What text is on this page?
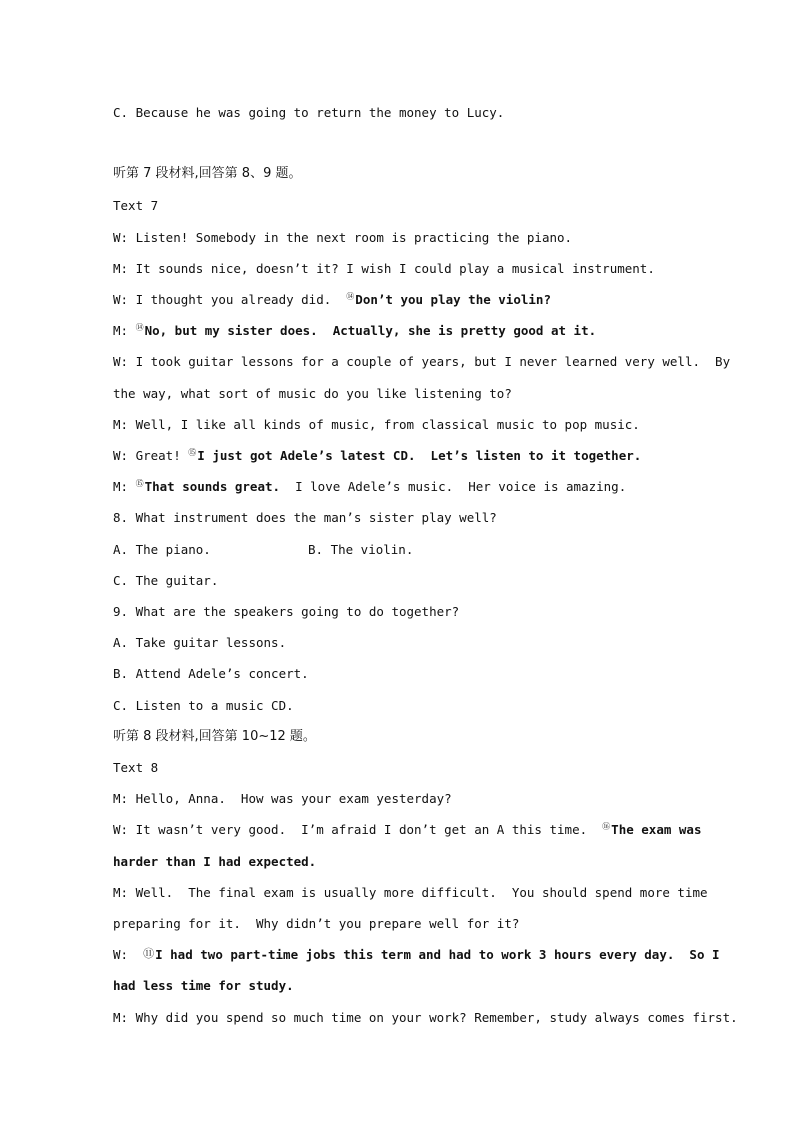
C. Because he was going to return the money to Lucy.
听第 7 段材料,回答第 8、9 题。
Text 7
W: Listen! Somebody in the next room is practicing the piano.
M: It sounds nice, doesn’t it? I wish I could play a musical instrument.
W: I thought you already did.  ⑭Don’t you play the violin?
M: ⑭No, but my sister does.  Actually, she is pretty good at it.
W: I took guitar lessons for a couple of years, but I never learned very well.  By
the way, what sort of music do you like listening to?
M: Well, I like all kinds of music, from classical music to pop music.
W: Great! ⑮I just got Adele’s latest CD.  Let’s listen to it together.
M: ⑮That sounds great.  I love Adele’s music.  Her voice is amazing.
8. What instrument does the man’s sister play well?
A. The piano.	B. The violin.
C. The guitar.
9. What are the speakers going to do together?
A. Take guitar lessons.
B. Attend Adele’s concert.
C. Listen to a music CD.
听第 8 段材料,回答第 10~12 题。
Text 8
M: Hello, Anna.  How was your exam yesterday?
W: It wasn’t very good.  I’m afraid I don’t get an A this time.  ⑯The exam was
harder than I had expected.
M: Well.  The final exam is usually more difficult.  You should spend more time
preparing for it.  Why didn’t you prepare well for it?
W:  ⑪I had two part-time jobs this term and had to work 3 hours every day.  So I
had less time for study.
M: Why did you spend so much time on your work? Remember, study always comes first.
